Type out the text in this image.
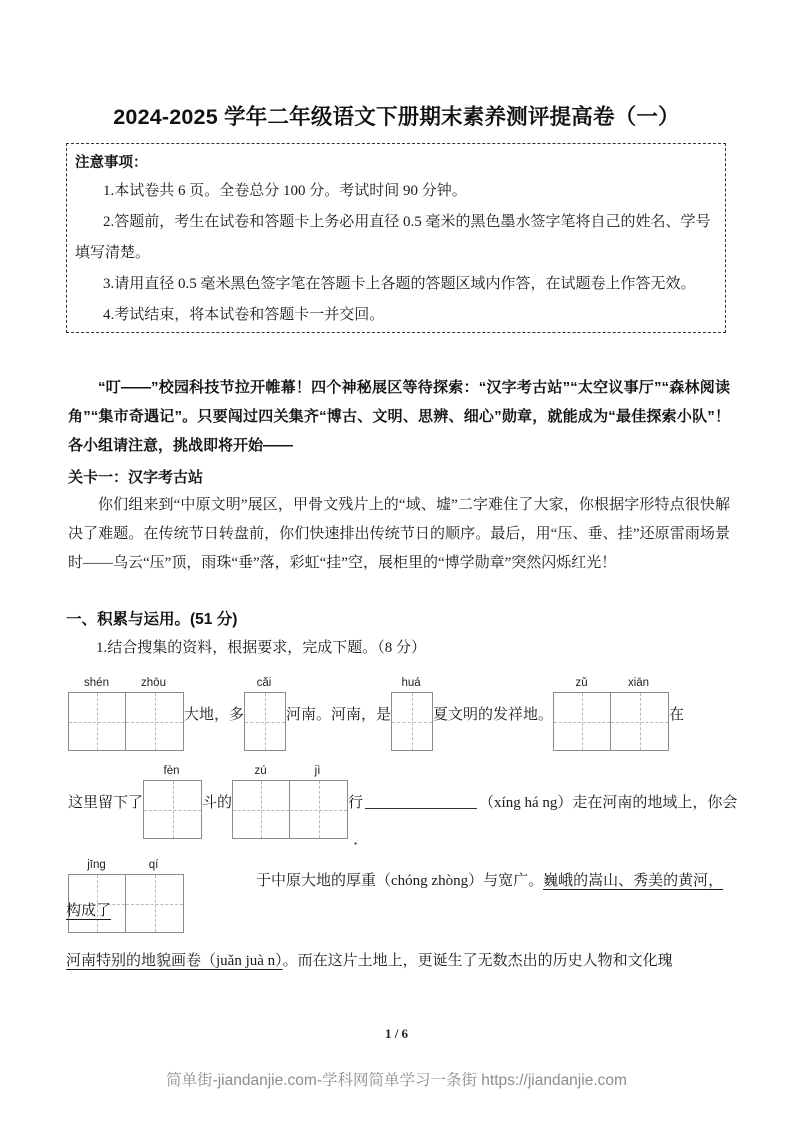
2024-2025 学年二年级语文下册期末素养测评提高卷（一）
注意事项：
1.本试卷共 6 页。全卷总分 100 分。考试时间 90 分钟。
2.答题前，考生在试卷和答题卡上务必用直径 0.5 毫米的黑色墨水签字笔将自己的姓名、学号填写清楚。
3.请用直径 0.5 毫米黑色签字笔在答题卡上各题的答题区域内作答，在试题卷上作答无效。
4.考试结束，将本试卷和答题卡一并交回。
“叮——”校园科技节拉开帷幕！四个神秘展区等待探索：“汉字考古站”“太空议事厅”“森林阅读角”“集市奇遇记”。只要闯过四关集齐“博古、文明、思辨、细心”勋章，就能成为“最佳探索小队”！各小组请注意，挑战即将开始——
关卡一：汉字考古站
你们组来到“中原文明”展区，甲骨文残片上的“域、墟”二字难住了大家，你根据字形特点很快解决了难题。在传统节日转盘前，你们快速排出传统节日的顺序。最后，用“压、垂、挂”还原雷雨场景时——乌云“压”顶，雨珠“垂”落，彩虹“挂”空，展柜里的“博学勋章”突然闪烁红光！
一、积累与运用。(51 分)
1.结合搜集的资料，根据要求，完成下题。（8 分）
shén	zhōu
大地，多
cǎi
河南。河南，是
huá
夏文明的发祥地。
zǔ	xiān
在
这里留下了
fèn
斗的
zú	jì
行 ·	（xíng há ng）走在河南的地域上，你会
jīng	qí
于中原大地的厚重（chóng zhòng）与宽广。巍峨的嵩山、秀美的黄河，构成了
河南特别的地貌画卷（juǎn juà n）。而在这片土地上，更诞生了无数杰出的历史人物和文化瑰
1 / 6
简单街-jiandanjie.com-学科网简单学习一条街 https://jiandanjie.com
